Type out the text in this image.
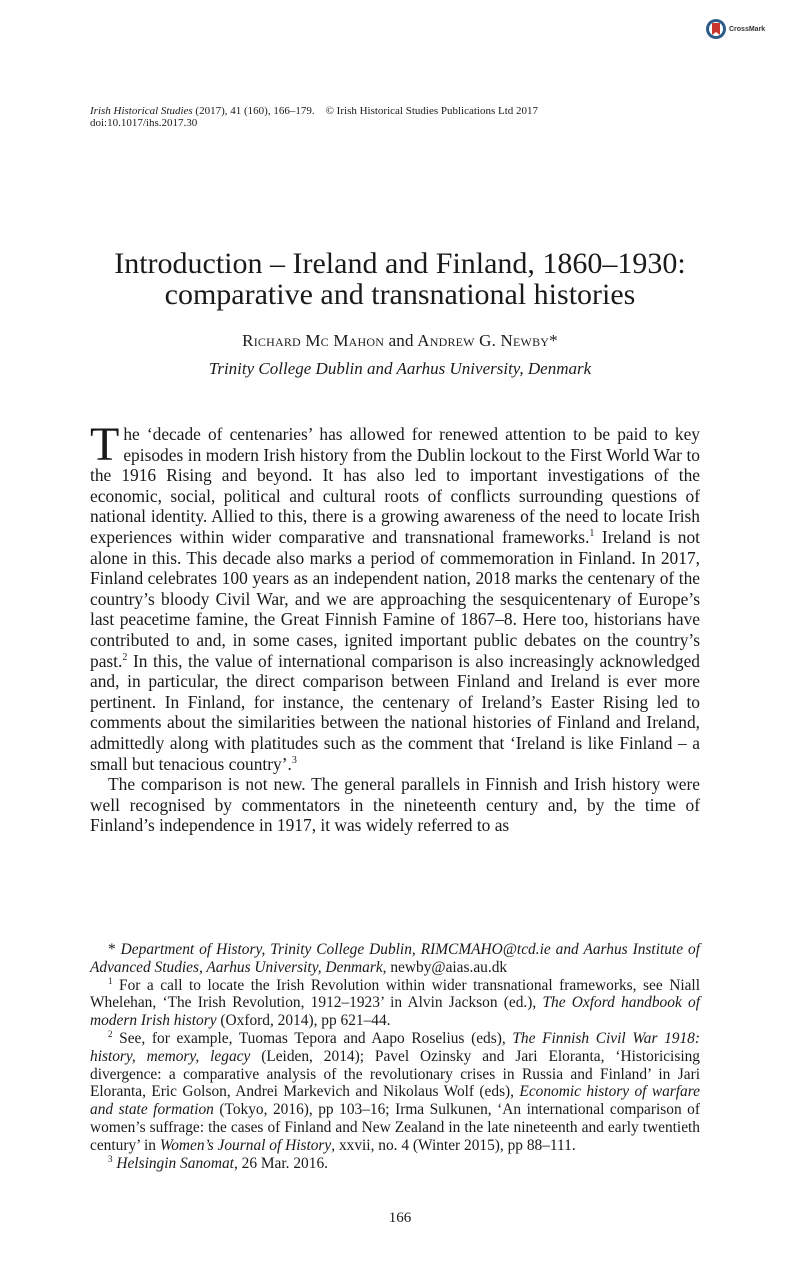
CrossMark
Irish Historical Studies (2017), 41 (160), 166–179. © Irish Historical Studies Publications Ltd 2017
doi:10.1017/ihs.2017.30
Introduction – Ireland and Finland, 1860–1930:
comparative and transnational histories
Richard Mc Mahon and Andrew G. Newby*
Trinity College Dublin and Aarhus University, Denmark

The ‘decade of centenaries’ has allowed for renewed attention to be paid to key episodes in modern Irish history from the Dublin lockout to the First World War to the 1916 Rising and beyond. It has also led to important investigations of the economic, social, political and cultural roots of conflicts surrounding questions of national identity. Allied to this, there is a growing awareness of the need to locate Irish experiences within wider comparative and transnational frameworks.$^1$ Ireland is not alone in this. This decade also marks a period of commemoration in Finland. In 2017, Finland celebrates 100 years as an independent nation, 2018 marks the centenary of the country’s bloody Civil War, and we are approaching the sesquicentenary of Europe’s last peacetime famine, the Great Finnish Famine of 1867–8. Here too, historians have contributed to and, in some cases, ignited important public debates on the country’s past.$^2$ In this, the value of international comparison is also increasingly acknowledged and, in particular, the direct comparison between Finland and Ireland is ever more pertinent. In Finland, for instance, the centenary of Ireland’s Easter Rising led to comments about the similarities between the national histories of Finland and Ireland, admittedly along with platitudes such as the comment that ‘Ireland is like Finland – a small but tenacious country’.$^3$

The comparison is not new. The general parallels in Finnish and Irish history were well recognised by commentators in the nineteenth century and, by the time of Finland’s independence in 1917, it was widely referred to as

* Department of History, Trinity College Dublin, RIMCMAHO@tcd.ie and Aarhus Institute of Advanced Studies, Aarhus University, Denmark, newby@aias.au.dk

$^1$ For a call to locate the Irish Revolution within wider transnational frameworks, see Niall Whelehan, ‘The Irish Revolution, 1912–1923’ in Alvin Jackson (ed.), The Oxford handbook of modern Irish history (Oxford, 2014), pp 621–44.

$^2$ See, for example, Tuomas Tepora and Aapo Roselius (eds), The Finnish Civil War 1918: history, memory, legacy (Leiden, 2014); Pavel Ozinsky and Jari Eloranta, ‘Historicising divergence: a comparative analysis of the revolutionary crises in Russia and Finland’ in Jari Eloranta, Eric Golson, Andrei Markevich and Nikolaus Wolf (eds), Economic history of warfare and state formation (Tokyo, 2016), pp 103–16; Irma Sulkunen, ‘An international comparison of women’s suffrage: the cases of Finland and New Zealand in the late nineteenth and early twentieth century’ in Women’s Journal of History, xxvii, no. 4 (Winter 2015), pp 88–111.

$^3$ Helsingin Sanomat, 26 Mar. 2016.

166
